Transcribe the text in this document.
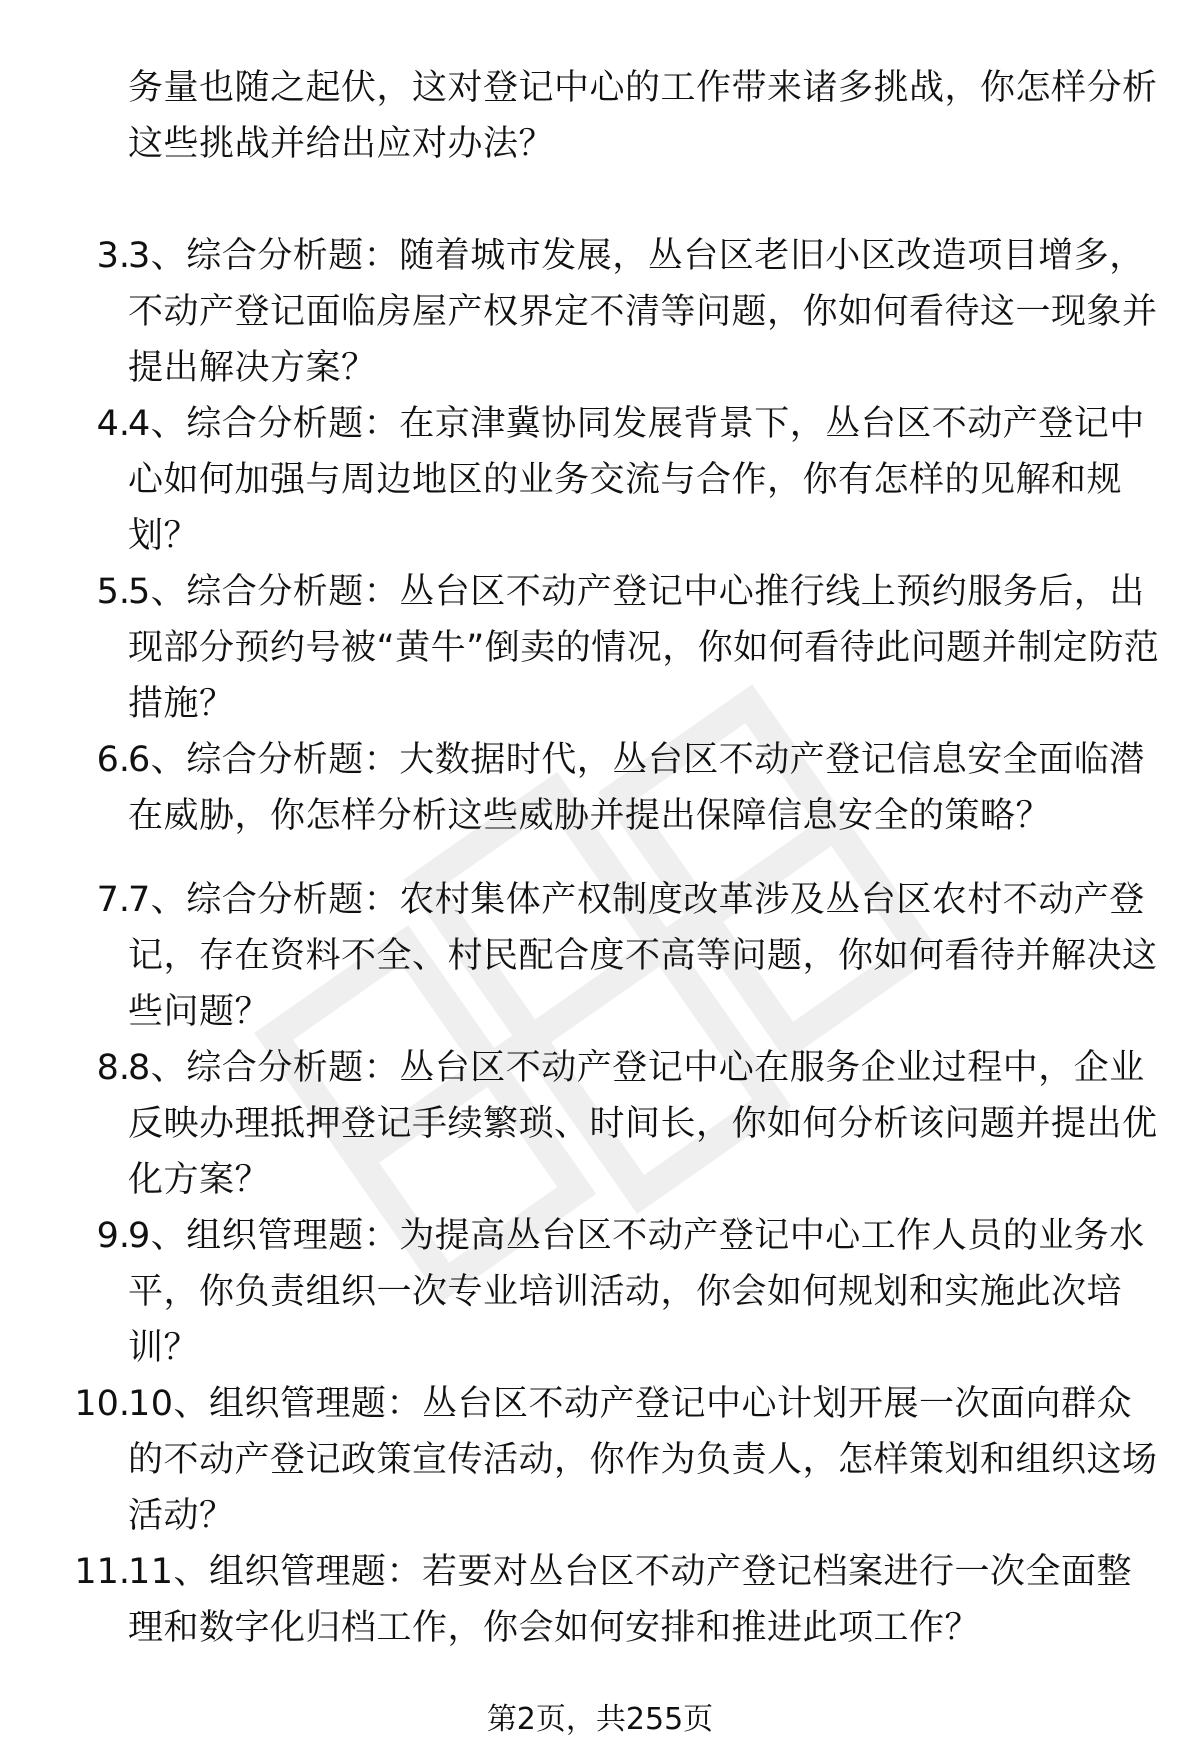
务量也随之起伏，这对登记中心的工作带来诸多挑战，你怎样分析这些挑战并给出应对办法？
3.
3、综合分析题：随着城市发展，丛台区老旧小区改造项目增多，不动产登记面临房屋产权界定不清等问题，你如何看待这一现象并提出解决方案？
4.
4、综合分析题：在京津冀协同发展背景下，丛台区不动产登记中心如何加强与周边地区的业务交流与合作，你有怎样的见解和规划？
5.
5、综合分析题：丛台区不动产登记中心推行线上预约服务后，出现部分预约号被“黄牛”倒卖的情况，你如何看待此问题并制定防范措施？
6.
6、综合分析题：大数据时代，丛台区不动产登记信息安全面临潜在威胁，你怎样分析这些威胁并提出保障信息安全的策略？
7.
7、综合分析题：农村集体产权制度改革涉及丛台区农村不动产登记，存在资料不全、村民配合度不高等问题，你如何看待并解决这些问题？
8.
8、综合分析题：丛台区不动产登记中心在服务企业过程中，企业反映办理抵押登记手续繁琐、时间长，你如何分析该问题并提出优化方案？
9.
9、组织管理题：为提高丛台区不动产登记中心工作人员的业务水平，你负责组织一次专业培训活动，你会如何规划和实施此次培训？
10.
10、组织管理题：丛台区不动产登记中心计划开展一次面向群众的不动产登记政策宣传活动，你作为负责人，怎样策划和组织这场活动？
11.
11、组织管理题：若要对丛台区不动产登记档案进行一次全面整理和数字化归档工作，你会如何安排和推进此项工作？
第2页，共255页
